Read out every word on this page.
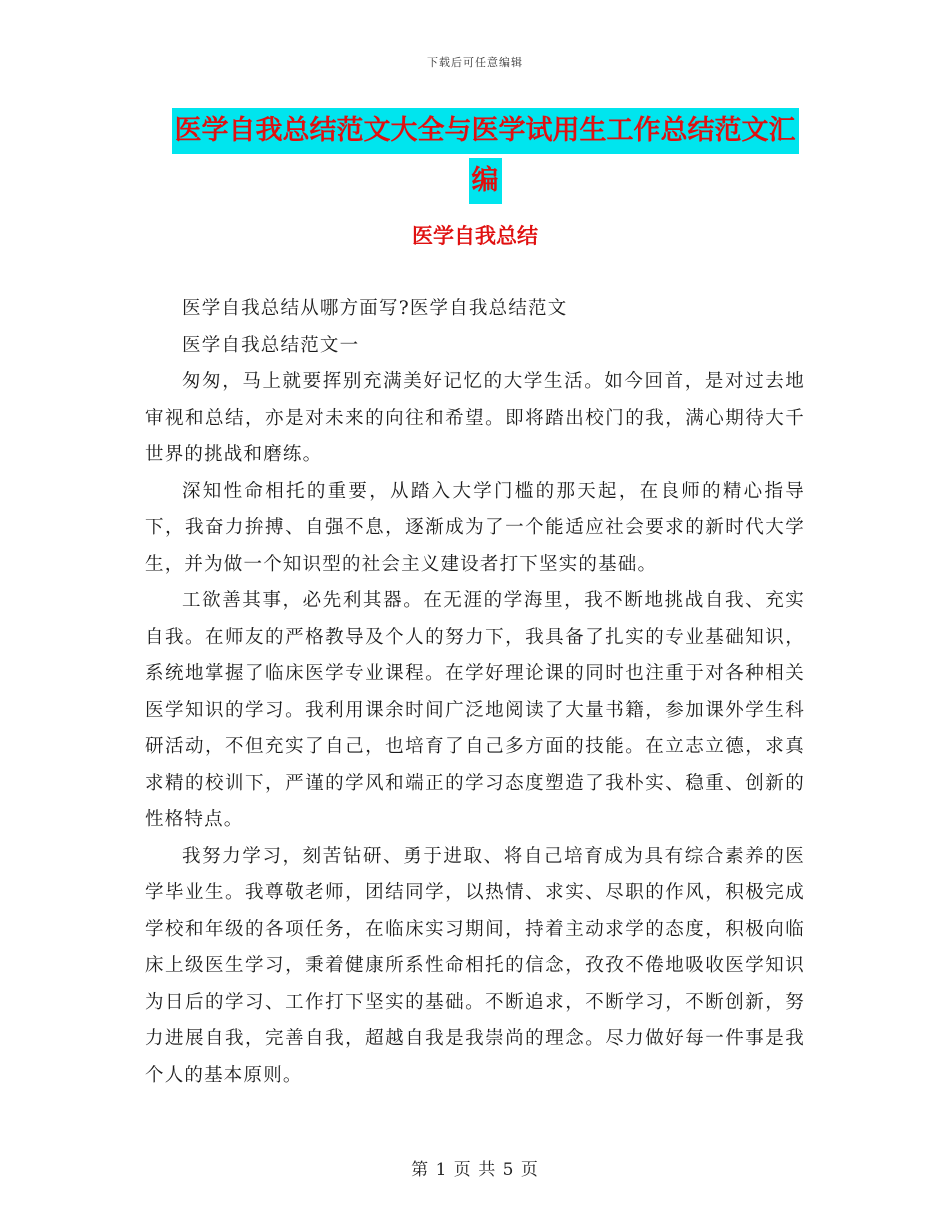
下载后可任意编辑
医学自我总结范文大全与医学试用生工作总结范文汇
编
医学自我总结

医学自我总结从哪方面写?医学自我总结范文

医学自我总结范文一

匆匆，马上就要挥别充满美好记忆的大学生活。如今回首，是对过去地审视和总结，亦是对未来的向往和希望。即将踏出校门的我，满心期待大千世界的挑战和磨练。

深知性命相托的重要，从踏入大学门槛的那天起，在良师的精心指导下，我奋力拚搏、自强不息，逐渐成为了一个能适应社会要求的新时代大学生，并为做一个知识型的社会主义建设者打下坚实的基础。

工欲善其事，必先利其器。在无涯的学海里，我不断地挑战自我、充实自我。在师友的严格教导及个人的努力下，我具备了扎实的专业基础知识，系统地掌握了临床医学专业课程。在学好理论课的同时也注重于对各种相关医学知识的学习。我利用课余时间广泛地阅读了大量书籍，参加课外学生科研活动，不但充实了自己，也培育了自己多方面的技能。在立志立德，求真求精的校训下，严谨的学风和端正的学习态度塑造了我朴实、稳重、创新的性格特点。

我努力学习，刻苦钻研、勇于进取、将自己培育成为具有综合素养的医学毕业生。我尊敬老师，团结同学，以热情、求实、尽职的作风，积极完成学校和年级的各项任务，在临床实习期间，持着主动求学的态度，积极向临床上级医生学习，秉着健康所系性命相托的信念，孜孜不倦地吸收医学知识为日后的学习、工作打下坚实的基础。不断追求，不断学习，不断创新，努力进展自我，完善自我，超越自我是我崇尚的理念。尽力做好每一件事是我个人的基本原则。

第 1 页 共 5 页
